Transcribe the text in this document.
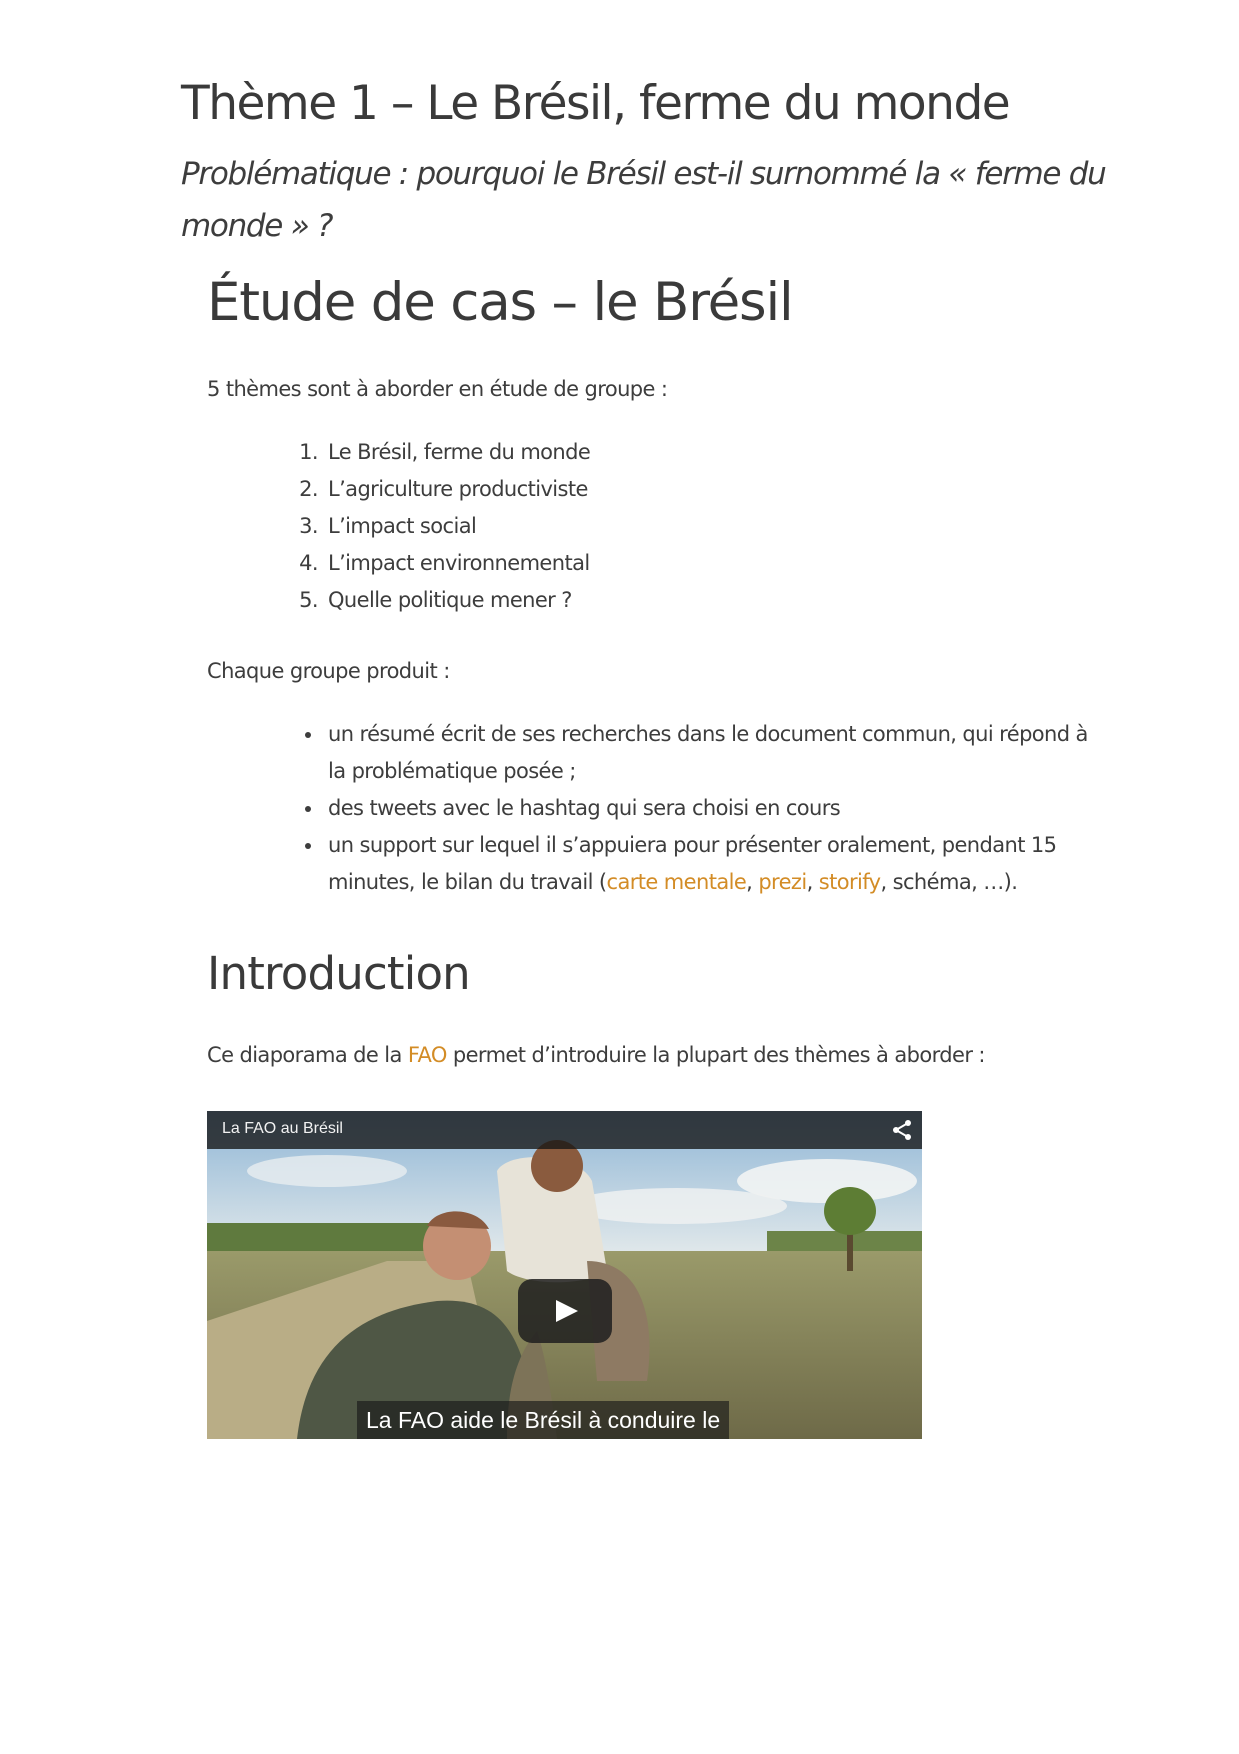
Thème 1 – Le Brésil, ferme du monde
Problématique : pourquoi le Brésil est-il surnommé la « ferme du monde » ?
Étude de cas – le Brésil

5 thèmes sont à aborder en étude de groupe :

1. Le Brésil, ferme du monde
2. L’agriculture productiviste
3. L’impact social
4. L’impact environnemental
5. Quelle politique mener ?

Chaque groupe produit :

• un résumé écrit de ses recherches dans le document commun, qui répond à la problématique posée ;
• des tweets avec le hashtag qui sera choisi en cours
• un support sur lequel il s’appuiera pour présenter oralement, pendant 15 minutes, le bilan du travail (carte mentale, prezi, storify, schéma, …).
Introduction

Ce diaporama de la FAO permet d’introduire la plupart des thèmes à aborder :

La FAO au Brésil
La FAO aide le Brésil à conduire le
